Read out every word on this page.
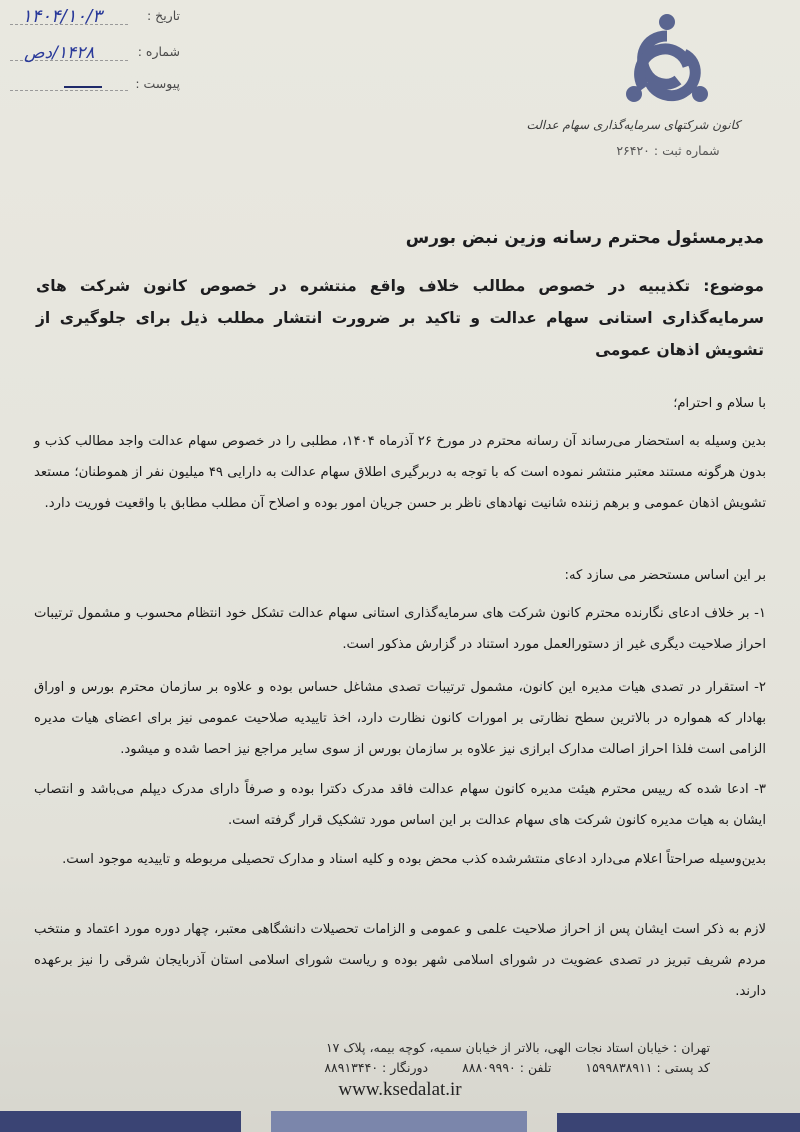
تاریخ :
۱۴۰۴/۱۰/۳
شماره :
۱۴۲۸/دص
پیوست :
کانون شرکتهای سرمایه‌گذاری سهام عدالت
شماره ثبت : ۲۶۴۲۰
مدیرمسئول محترم رسانه وزین نبض بورس
موضوع: تکذیبیه در خصوص مطالب خلاف واقع منتشره در خصوص کانون شرکت های سرمایه‌گذاری استانی سهام عدالت و تاکید بر ضرورت انتشار مطلب ذیل برای جلوگیری از تشویش اذهان عمومی
با سلام و احترام؛
بدین وسیله به استحضار می‌رساند آن رسانه محترم در مورخ ۲۶ آذرماه ۱۴۰۴، مطلبی را در خصوص سهام عدالت واجد مطالب کذب و بدون هرگونه مستند معتبر منتشر نموده است که با توجه به دربرگیری اطلاق سهام عدالت به دارایی ۴۹ میلیون نفر از هموطنان؛ مستعد تشویش اذهان عمومی و برهم زننده شانیت نهادهای ناظر بر حسن جریان امور بوده و اصلاح آن مطلب مطابق با واقعیت فوریت دارد.
بر این اساس مستحضر می سازد که:
۱- بر خلاف ادعای نگارنده محترم کانون شرکت های سرمایه‌گذاری استانی سهام عدالت تشکل خود انتظام محسوب و مشمول ترتیبات احراز صلاحیت دیگری غیر از دستورالعمل مورد استناد در گزارش مذکور است.
۲- استقرار در تصدی هیات مدیره این کانون، مشمول ترتیبات تصدی مشاغل حساس بوده و علاوه بر سازمان محترم بورس و اوراق بهادار که همواره در بالاترین سطح نظارتی بر امورات کانون نظارت دارد، اخذ تاییدیه صلاحیت عمومی نیز برای اعضای هیات مدیره الزامی است فلذا احراز اصالت مدارک ابرازی نیز علاوه بر سازمان بورس از سوی سایر مراجع نیز احصا شده و میشود.
۳- ادعا شده که رییس محترم هیئت مدیره کانون سهام عدالت فاقد مدرک دکترا بوده و صرفاً دارای مدرک دیپلم می‌باشد و انتصاب ایشان به هیات مدیره کانون شرکت های سهام عدالت بر این اساس مورد تشکیک قرار گرفته است.
بدین‌وسیله صراحتاً اعلام می‌دارد ادعای منتشرشده کذب محض بوده و کلیه اسناد و مدارک تحصیلی مربوطه و تاییدیه موجود است.
لازم به ذکر است ایشان پس از احراز صلاحیت علمی و عمومی و الزامات تحصیلات دانشگاهی معتبر، چهار دوره مورد اعتماد و منتخب مردم شریف تبریز در تصدی عضویت در شورای اسلامی شهر بوده و ریاست شورای اسلامی استان آذربایجان شرقی را نیز برعهده دارند.
تهران : خیابان استاد نجات الهی، بالاتر از خیابان سمیه، کوچه بیمه، پلاک ۱۷
کد پستی : ۱۵۹۹۸۳۸۹۱۱  تلفن : ۸۸۸۰۹۹۹۰  دورنگار : ۸۸۹۱۳۴۴۰
www.ksedalat.ir
